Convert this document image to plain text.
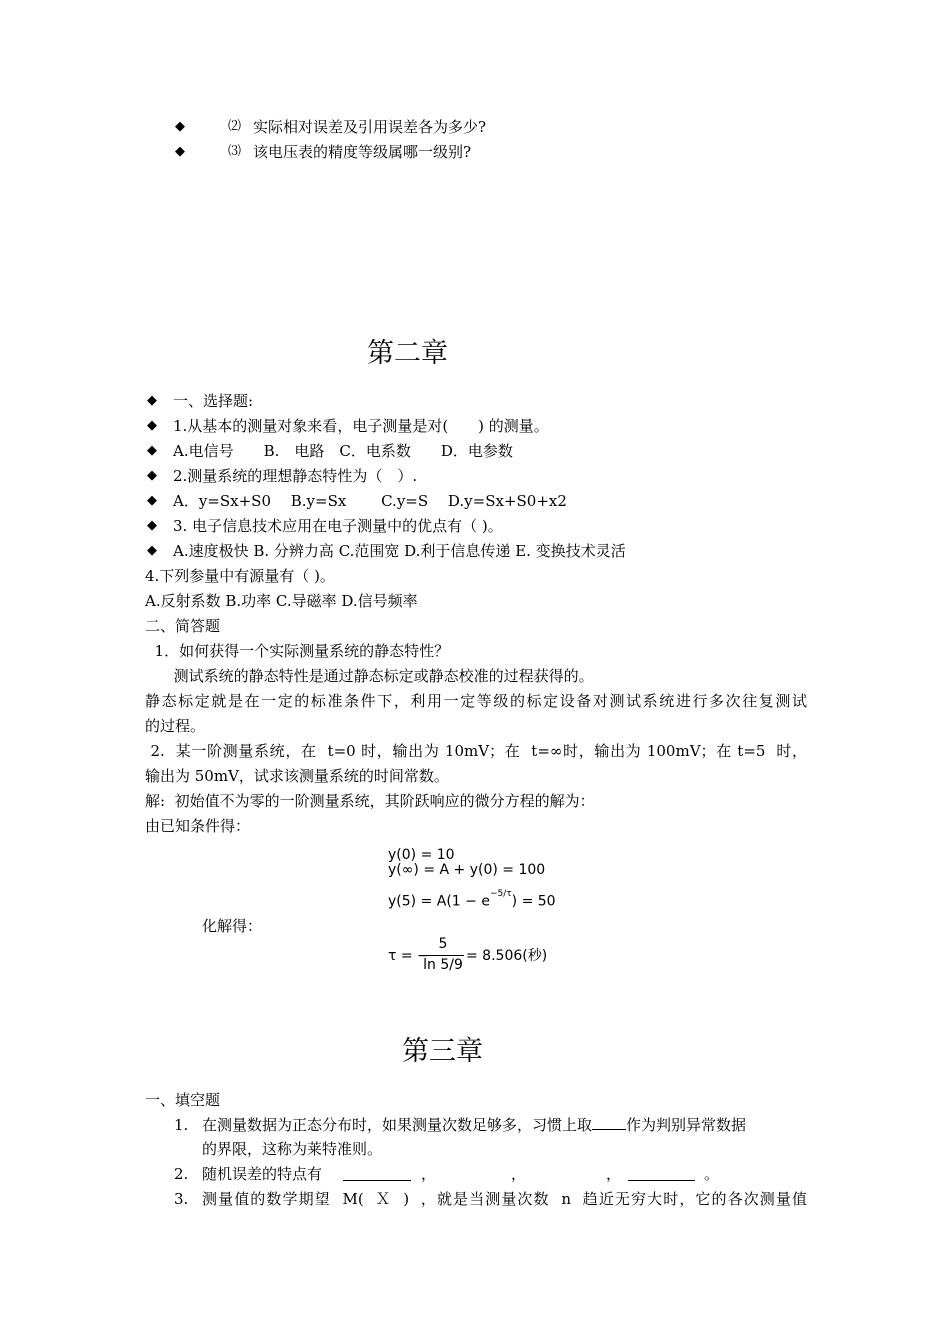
◆	⑵ 实际相对误差及引用误差各为多少?
◆	⑶ 该电压表的精度等级属哪一级别?
第二章
◆ 一、选择题:
◆ 1.从基本的测量对象来看，电子测量是对(　　) 的测量。
◆ A.电信号　　B.　电路　C．电系数　　D．电参数
◆ 2.测量系统的理想静态特性为（　）.
◆ A．y=Sx+S0　 B.y=Sx　　 C.y=S　 D.y=Sx+S0+x2
◆ 3. 电子信息技术应用在电子测量中的优点有（ )。
◆ A.速度极快 B. 分辨力高 C.范围宽 D.利于信息传递 E. 变换技术灵活
4.下列参量中有源量有（ )。
A.反射系数 B.功率 C.导磁率 D.信号频率
二、简答题
1．如何获得一个实际测量系统的静态特性？
测试系统的静态特性是通过静态标定或静态校准的过程获得的。
静态标定就是在一定的标准条件下，利用一定等级的标定设备对测试系统进行多次往复测试
的过程。
2.  某一阶测量系统，在  t=0 时，输出为 10mV；在  t=∞时，输出为 100mV；在 t=5  时，
输出为 50mV，试求该测量系统的时间常数。
解:  初始值不为零的一阶测量系统，其阶跃响应的微分方程的解为：
由已知条件得：
y(0) = 10
y(∞) = A + y(0) = 100
$y(5) = A(1 - e^{-5/\tau}) = 50$
化解得：
τ = −
5
ln 5/9
= 8.506(秒)
第三章
一、填空题
1. 在测量数据为正态分布时，如果测量次数足够多，习惯上取 作为判别异常数据
的界限，这称为莱特准则。
2. 随机误差的特点有	，	，	，	。
3. 测量值的数学期望  M(  Ｘ  )  ，就是当测量次数  n  趋近无穷大时，它的各次测量值
